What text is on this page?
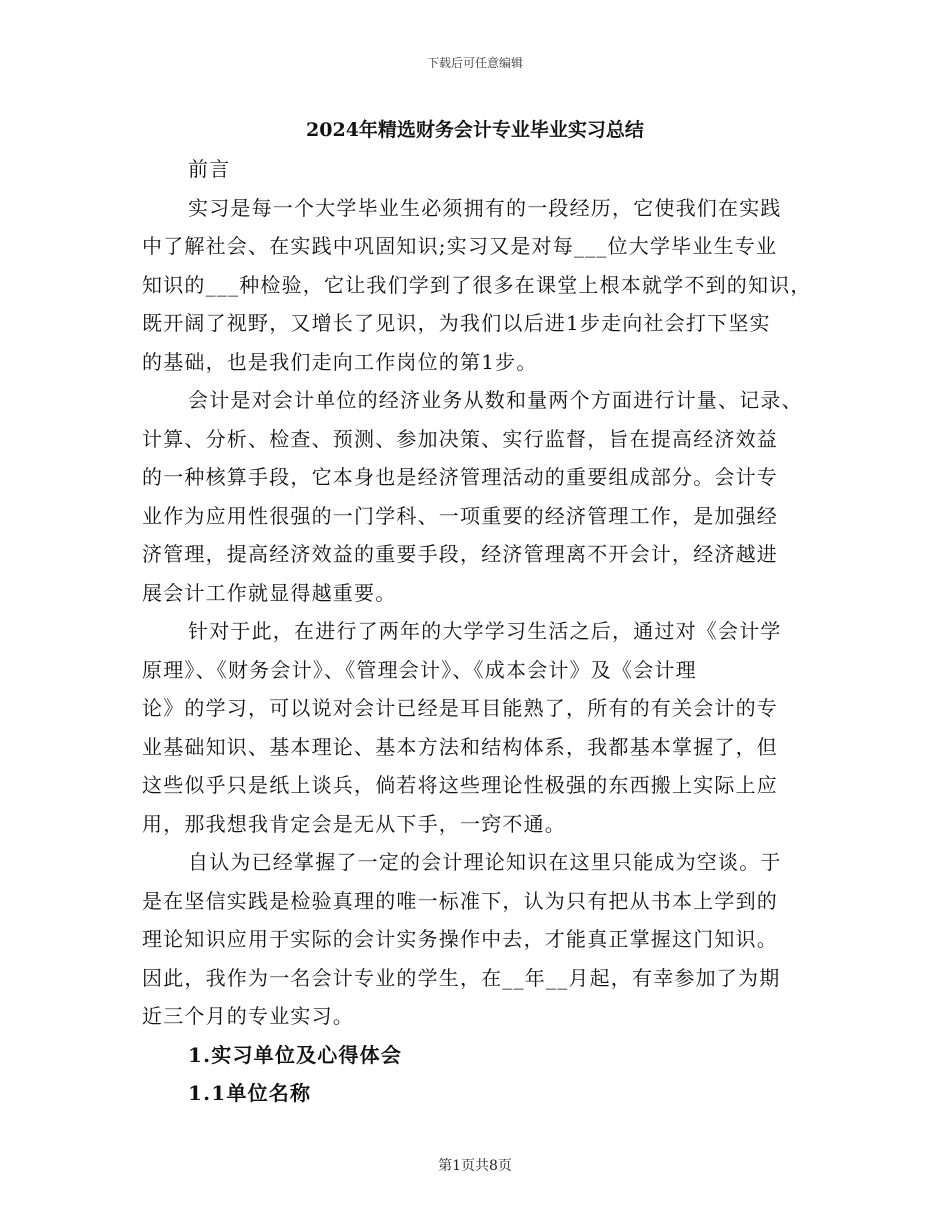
下载后可任意编辑
2024年精选财务会计专业毕业实习总结
前言
实习是每一个大学毕业生必须拥有的一段经历，它使我们在实践
中了解社会、在实践中巩固知识;实习又是对每___位大学毕业生专业
知识的___种检验，它让我们学到了很多在课堂上根本就学不到的知识，
既开阔了视野，又增长了见识，为我们以后进1步走向社会打下坚实
的基础，也是我们走向工作岗位的第1步。
会计是对会计单位的经济业务从数和量两个方面进行计量、记录、
计算、分析、检查、预测、参加决策、实行监督，旨在提高经济效益
的一种核算手段，它本身也是经济管理活动的重要组成部分。会计专
业作为应用性很强的一门学科、一项重要的经济管理工作，是加强经
济管理，提高经济效益的重要手段，经济管理离不开会计，经济越进
展会计工作就显得越重要。
针对于此，在进行了两年的大学学习生活之后，通过对《会计学
原理》、《财务会计》、《管理会计》、《成本会计》及《会计理
论》的学习，可以说对会计已经是耳目能熟了，所有的有关会计的专
业基础知识、基本理论、基本方法和结构体系，我都基本掌握了，但
这些似乎只是纸上谈兵，倘若将这些理论性极强的东西搬上实际上应
用，那我想我肯定会是无从下手，一窍不通。
自认为已经掌握了一定的会计理论知识在这里只能成为空谈。于
是在坚信实践是检验真理的唯一标准下，认为只有把从书本上学到的
理论知识应用于实际的会计实务操作中去，才能真正掌握这门知识。
因此，我作为一名会计专业的学生，在__年__月起，有幸参加了为期
近三个月的专业实习。
1.实习单位及心得体会
1.1单位名称
第1页共8页
